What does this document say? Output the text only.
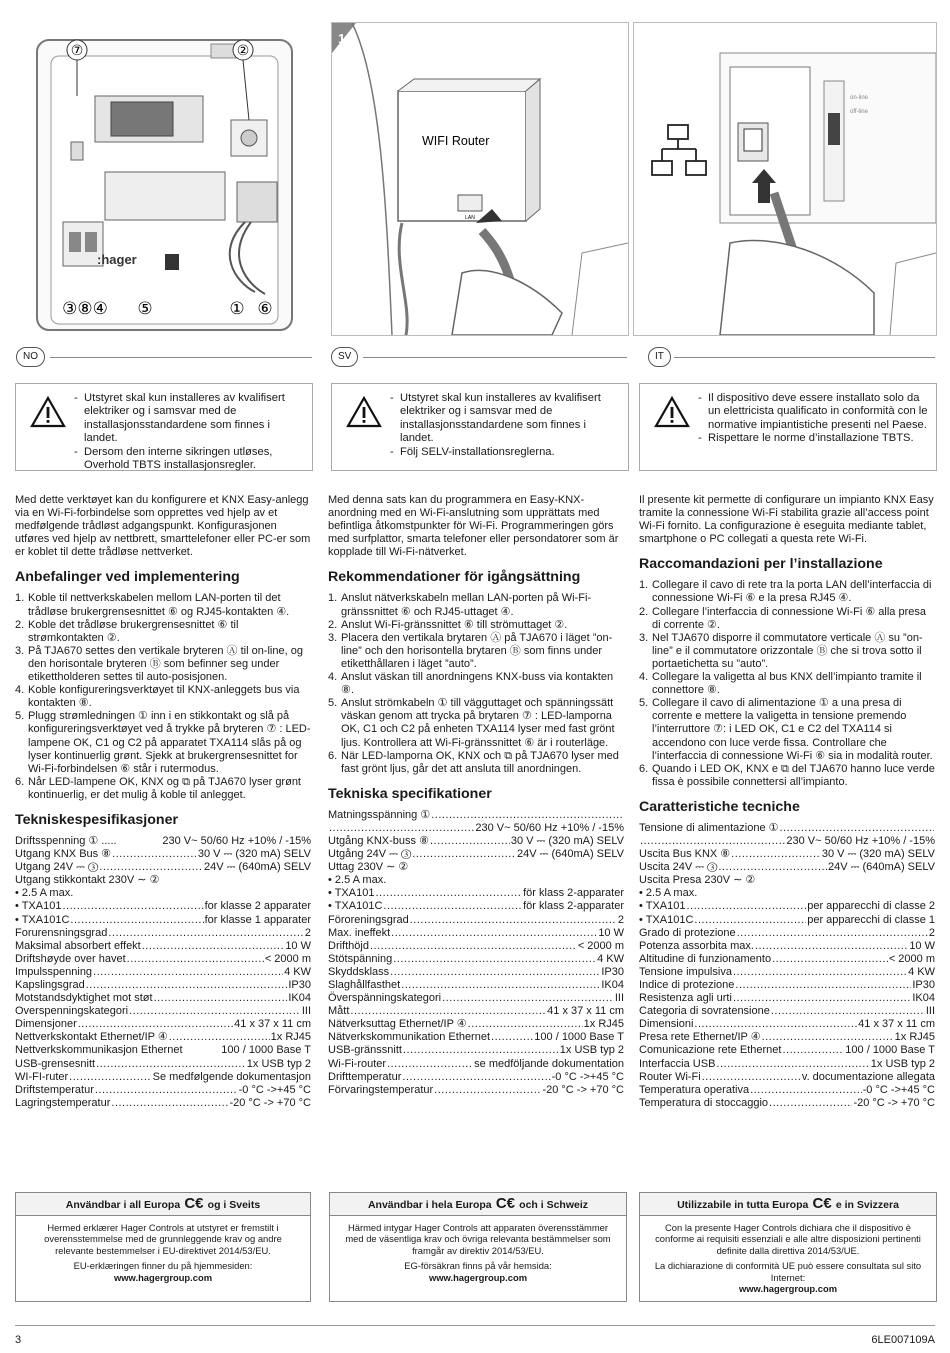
:hager
⑦	②
③⑧④ ⑤	① ⑥
1
WIFI Router
LAN
on-line
off-line
NO	SV	IT
- Utstyret skal kun installeres av kvalifisert elektriker og i samsvar med de installasjonsstandardene som finnes i landet.
- Dersom den interne sikringen utløses, Overhold TBTS installasjonsregler.
- Utstyret skal kun installeres av kvalifisert elektriker og i samsvar med de installasjonsstandardene som finnes i landet.
- Följ SELV-installationsreglerna.
- Il dispositivo deve essere installato solo da un elettricista qualificato in conformità con le normative impiantistiche presenti nel Paese.
- Rispettare le norme d’installazione TBTS.

Med dette verktøyet kan du konfigurere et KNX Easy-anlegg via en Wi-Fi-forbindelse som opprettes ved hjelp av et medfølgende trådløst adgangspunkt. Konfigurasjonen utføres ved hjelp av nettbrett, smarttelefoner eller PC-er som er koblet til dette trådløse nettverket.

Anbefalinger ved implementering
1. Koble til nettverkskabelen mellom LAN-porten til det trådløse brukergrensesnittet ⑥ og RJ45-kontakten ④.
2. Koble det trådløse brukergrensesnittet ⑥ til strømkontakten ②.
3. På TJA670 settes den vertikale bryteren Ⓐ til on-line, og den horisontale bryteren Ⓑ som befinner seg under etikettholderen settes til auto-posisjonen.
4. Koble konfigureringsverktøyet til KNX-anleggets bus via kontakten ⑧.
5. Plugg strømledningen ① inn i en stikkontakt og slå på konfigureringsverktøyet ved å trykke på bryteren ⑦ : LED-lampene OK, C1 og C2 på apparatet TXA114 slås på og lyser kontinuerlig grønt. Sjekk at brukergrensesnittet for Wi-Fi-forbindelsen ⑥ står i rutermodus.
6. Når LED-lampene OK, KNX og ⧉ på TJA670 lyser grønt kontinuerlig, er det mulig å koble til anlegget.
Tekniskespesifikasjoner
Driftsspenning ① .....	230 V~ 50/60 Hz +10% / -15%
Utgang KNX Bus ⑧ .....	30 V ⎓ (320 mA) SELV
Utgang 24V ⎓ ③ .....	24V ⎓ (640mA) SELV
Utgang stikkontakt 230V ∼ ②
• 2.5 A max.
• TXA101 .....	for klasse 2 apparater
• TXA101C .....	for klasse 1 apparater
Forurensningsgrad .....	2
Maksimal absorbert effekt .....	10 W
Driftshøyde over havet .....	< 2000 m
Impulsspenning .....	4 KW
Kapslingsgrad .....	IP30
Motstandsdyktighet mot støt .....	IK04
Overspenningskategori .....	III
Dimensjoner .....	41 x 37 x 11 cm
Nettverkskontakt Ethernet/IP ④ .....	1x RJ45
Nettverkskommunikasjon Ethernet	100 / 1000 Base T
USB-grensesnitt .....	1x USB typ 2
WI-FI-ruter .....	Se medfølgende dokumentasjon
Driftstemperatur .....	-0 °C ->+45 °C
Lagringstemperatur .....	-20 °C -> +70 °C

Med denna sats kan du programmera en Easy-KNX-anordning med en Wi-Fi-anslutning som upprättats med befintliga åtkomstpunkter för Wi-Fi. Programmeringen görs med surfplattor, smarta telefoner eller persondatorer som är kopplade till Wi-Fi-nätverket.

Rekommendationer för igångsättning
1. Anslut nätverkskabeln mellan LAN-porten på Wi-Fi-gränssnittet ⑥ och RJ45-uttaget ④.
2. Anslut Wi-Fi-gränssnittet ⑥ till strömuttaget ②.
3. Placera den vertikala brytaren Ⓐ på TJA670 i läget ”on-line” och den horisontella brytaren Ⓑ som finns under etiketthållaren i läget ”auto”.
4. Anslut väskan till anordningens KNX-buss via kontakten ⑧.
5. Anslut strömkabeln ① till vägguttaget och spänningssätt väskan genom att trycka på brytaren ⑦ : LED-lamporna OK, C1 och C2 på enheten TXA114 lyser med fast grönt ljus. Kontrollera att Wi-Fi-gränssnittet ⑥ är i routerläge.
6. När LED-lamporna OK, KNX och ⧉ på TJA670 lyser med fast grönt ljus, går det att ansluta till anordningen.
Tekniska specifikationer
Matningsspänning ①
.....
.....
230 V~ 50/60 Hz +10% / -15%
Utgång KNX-buss ⑧ .....	30 V ⎓ (320 mA) SELV
Utgång 24V ⎓ ③ .....	24V ⎓ (640mA) SELV
Uttag 230V ∼ ②
• 2.5 A max.
• TXA101 .....	för klass 2-apparater
• TXA101C .....	för klass 2-apparater
Föroreningsgrad .....	2
Max. ineffekt .....	10 W
Drifthöjd .....	< 2000 m
Stötspänning .....	4 KW
Skyddsklass .....	IP30
Slaghållfasthet .....	IK04
Överspänningskategori .....	III
Mått .....	41 x 37 x 11 cm
Nätverksuttag Ethernet/IP ④ .....	1x RJ45
Nätverkskommunikation Ethernet .....	100 / 1000 Base T
USB-gränssnitt .....	1x USB typ 2
Wi-Fi-router .....	se medföljande dokumentation
Drifttemperatur .....	-0 °C ->+45 °C
Förvaringstemperatur .....	-20 °C -> +70 °C

Il presente kit permette di configurare un impianto KNX Easy tramite la connessione Wi-Fi stabilita grazie all’access point Wi-Fi fornito. La configurazione è eseguita mediante tablet, smartphone o PC collegati a questa rete Wi-Fi.

Raccomandazioni per l’installazione
1. Collegare il cavo di rete tra la porta LAN dell’interfaccia di connessione Wi-Fi ⑥ e la presa RJ45 ④.
2. Collegare l’interfaccia di connessione Wi-Fi ⑥ alla presa di corrente ②.
3. Nel TJA670 disporre il commutatore verticale Ⓐ su ”on-line” e il commutatore orizzontale Ⓑ che si trova sotto il portaetichetta su ”auto”.
4. Collegare la valigetta al bus KNX dell’impianto tramite il connettore ⑧.
5. Collegare il cavo di alimentazione ① a una presa di corrente e mettere la valigetta in tensione premendo l’interruttore ⑦: i LED OK, C1 e C2 del TXA114 si accendono con luce verde fissa. Controllare che l’interfaccia di connessione Wi-Fi ⑥ sia in modalità router.
6. Quando i LED OK, KNX e ⧉ del TJA670 hanno luce verde fissa è possibile connettersi all’impianto.
Caratteristiche tecniche
Tensione di alimentazione ①
.....
.....
230 V~ 50/60 Hz +10% / -15%
Uscita Bus KNX ⑧ .....	30 V ⎓ (320 mA) SELV
Uscita 24V ⎓ ③ .....	24V ⎓ (640mA) SELV
Uscita Presa 230V ∼ ②
• 2.5 A max.
• TXA101 .....	per apparecchi di classe 2
• TXA101C .....	per apparecchi di classe 1
Grado di protezione .....	2
Potenza assorbita max. .....	10 W
Altitudine di funzionamento .....	< 2000 m
Tensione impulsiva .....	4 KW
Indice di protezione .....	IP30
Resistenza agli urti .....	IK04
Categoria di sovratensione .....	III
Dimensioni .....	41 x 37 x 11 cm
Presa rete Ethernet/IP ④ .....	1x RJ45
Comunicazione rete Ethernet .....	100 / 1000 Base T
Interfaccia USB .....	1x USB typ 2
Router Wi-Fi .....	v. documentazione allegata
Temperatura operativa .....	-0 °C ->+45 °C
Temperatura di stoccaggio .....	-20 °C -> +70 °C
Användbar i all Europa C€ og i Sveits

Hermed erklærer Hager Controls at utstyret er fremstilt i overensstemmelse med de grunnleggende krav og andre relevante bestemmelser i EU-direktivet 2014/53/EU.

EU-erklæringen finner du på hjemmesiden:
www.hagergroup.com

Användbar i hela Europa C€ och i Schweiz

Härmed intygar Hager Controls att apparaten överensstämmer med de väsentliga krav och övriga relevanta bestämmelser som framgår av direktiv 2014/53/EU.

EG-försäkran finns på vår hemsida:
www.hagergroup.com

Utilizzabile in tutta Europa C€ e in Svizzera

Con la presente Hager Controls dichiara che il dispositivo è conforme ai requisiti essenziali e alle altre disposizioni pertinenti definite dalla direttiva 2014/53/UE.

La dichiarazione di conformità UE può essere consultata sul sito Internet:
www.hagergroup.com

3	6LE007109A
